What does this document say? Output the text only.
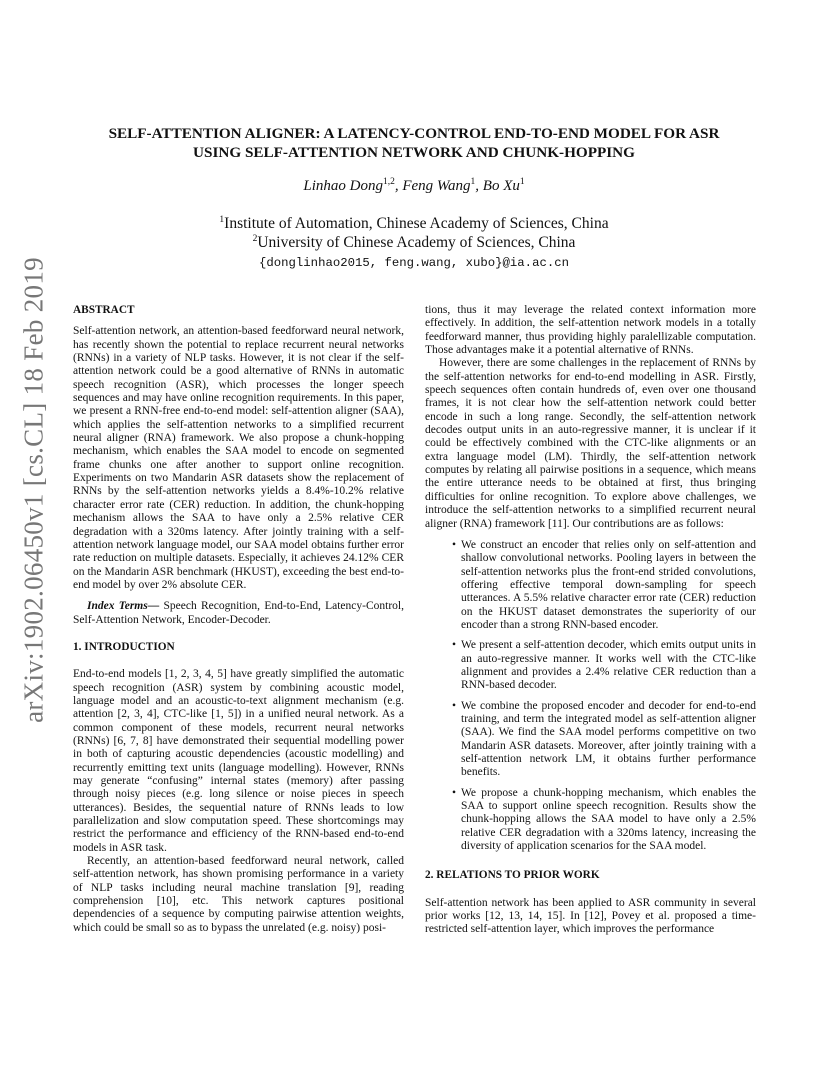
arXiv:1902.06450v1 [cs.CL] 18 Feb 2019
SELF-ATTENTION ALIGNER: A LATENCY-CONTROL END-TO-END MODEL FOR ASR
USING SELF-ATTENTION NETWORK AND CHUNK-HOPPING
Linhao Dong$^{1,2}$, Feng Wang$^1$, Bo Xu$^1$
$^1$Institute of Automation, Chinese Academy of Sciences, China
$^2$University of Chinese Academy of Sciences, China
{donglinhao2015, feng.wang, xubo}@ia.ac.cn

ABSTRACT

Self-attention network, an attention-based feedforward neural network, has recently shown the potential to replace recurrent neural networks (RNNs) in a variety of NLP tasks. However, it is not clear if the self-attention network could be a good alternative of RNNs in automatic speech recognition (ASR), which processes the longer speech sequences and may have online recognition requirements. In this paper, we present a RNN-free end-to-end model: self-attention aligner (SAA), which applies the self-attention networks to a simplified recurrent neural aligner (RNA) framework. We also propose a chunk-hopping mechanism, which enables the SAA model to encode on segmented frame chunks one after another to support online recognition. Experiments on two Mandarin ASR datasets show the replacement of RNNs by the self-attention networks yields a 8.4%-10.2% relative character error rate (CER) reduction. In addition, the chunk-hopping mechanism allows the SAA to have only a 2.5% relative CER degradation with a 320ms latency. After jointly training with a self-attention network language model, our SAA model obtains further error rate reduction on multiple datasets. Especially, it achieves 24.12% CER on the Mandarin ASR benchmark (HKUST), exceeding the best end-to-end model by over 2% absolute CER.

Index Terms— Speech Recognition, End-to-End, Latency-Control, Self-Attention Network, Encoder-Decoder.

1. INTRODUCTION

End-to-end models [1, 2, 3, 4, 5] have greatly simplified the automatic speech recognition (ASR) system by combining acoustic model, language model and an acoustic-to-text alignment mechanism (e.g. attention [2, 3, 4], CTC-like [1, 5]) in a unified neural network. As a common component of these models, recurrent neural networks (RNNs) [6, 7, 8] have demonstrated their sequential modelling power in both of capturing acoustic dependencies (acoustic modelling) and recurrently emitting text units (language modelling). However, RNNs may generate “confusing” internal states (memory) after passing through noisy pieces (e.g. long silence or noise pieces in speech utterances). Besides, the sequential nature of RNNs leads to low parallelization and slow computation speed. These shortcomings may restrict the performance and efficiency of the RNN-based end-to-end models in ASR task.

Recently, an attention-based feedforward neural network, called self-attention network, has shown promising performance in a variety of NLP tasks including neural machine translation [9], reading comprehension [10], etc. This network captures positional dependencies of a sequence by computing pairwise attention weights, which could be small so as to bypass the unrelated (e.g. noisy) posi-

tions, thus it may leverage the related context information more effectively. In addition, the self-attention network models in a totally feedforward manner, thus providing highly paralellizable computation. Those advantages make it a potential alternative of RNNs.

However, there are some challenges in the replacement of RNNs by the self-attention networks for end-to-end modelling in ASR. Firstly, speech sequences often contain hundreds of, even over one thousand frames, it is not clear how the self-attention network could better encode in such a long range. Secondly, the self-attention network decodes output units in an auto-regressive manner, it is unclear if it could be effectively combined with the CTC-like alignments or an extra language model (LM). Thirdly, the self-attention network computes by relating all pairwise positions in a sequence, which means the entire utterance needs to be obtained at first, thus bringing difficulties for online recognition. To explore above challenges, we introduce the self-attention networks to a simplified recurrent neural aligner (RNA) framework [11]. Our contributions are as follows:

• We construct an encoder that relies only on self-attention and shallow convolutional networks. Pooling layers in between the self-attention networks plus the front-end strided convolutions, offering effective temporal down-sampling for speech utterances. A 5.5% relative character error rate (CER) reduction on the HKUST dataset demonstrates the superiority of our encoder than a strong RNN-based encoder.
• We present a self-attention decoder, which emits output units in an auto-regressive manner. It works well with the CTC-like alignment and provides a 2.4% relative CER reduction than a RNN-based decoder.
• We combine the proposed encoder and decoder for end-to-end training, and term the integrated model as self-attention aligner (SAA). We find the SAA model performs competitive on two Mandarin ASR datasets. Moreover, after jointly training with a self-attention network LM, it obtains further performance benefits.
• We propose a chunk-hopping mechanism, which enables the SAA to support online speech recognition. Results show the chunk-hopping allows the SAA model to have only a 2.5% relative CER degradation with a 320ms latency, increasing the diversity of application scenarios for the SAA model.

2. RELATIONS TO PRIOR WORK

Self-attention network has been applied to ASR community in several prior works [12, 13, 14, 15]. In [12], Povey et al. proposed a time-restricted self-attention layer, which improves the performance
